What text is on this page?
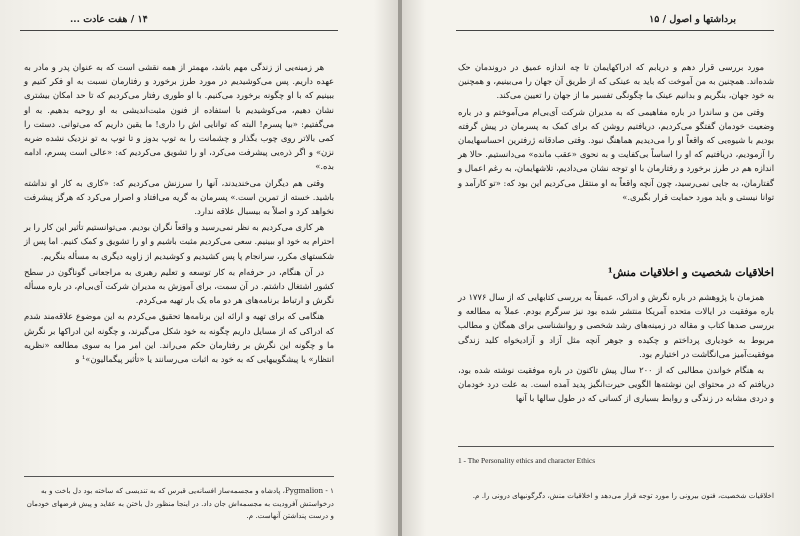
۱۴ / هفت عادت ...

هر زمینه‌یی از زندگی مهم باشد، مهمتر از همه نقشی است که به عنوان پدر و مادر به عهده داریم. پس می‌کوشیدیم در مورد طرز برخورد و رفتارمان نسبت به او فکر کنیم و ببینیم که با او چگونه برخورد می‌کنیم. با او طوری رفتار می‌کردیم که تا حد امکان بیشتری نشان دهیم، می‌کوشیدیم با استفاده از فنون مثبت‌اندیشی به او روحیه بدهیم. به او می‌گفتیم: «بیا پسرم! البته که توانایی اش را داری! ما یقین داریم که می‌توانی. دستت را کمی بالاتر روی چوب بگذار و چشمانت را به توپ بدوز و تا توپ به تو نزدیک نشده ضربه نزن» و اگر ذره‌یی پیشرفت می‌کرد، او را تشویق می‌کردیم که: «عالی است پسرم، ادامه بده.»

وقتی هم دیگران می‌خندیدند، آنها را سرزنش می‌کردیم که: «کاری به کار او نداشته باشید. خسته از تمرین است.» پسرمان به گریه می‌افتاد و اصرار می‌کرد که هرگز پیشرفت نخواهد کرد و اصلاً به بیسبال علاقه ندارد.

هر کاری می‌کردیم به نظر نمی‌رسید و واقعاً نگران بودیم. می‌توانستیم تأثیر این کار را بر احترام به خود او ببینیم. سعی می‌کردیم مثبت باشیم و او را تشویق و کمک کنیم. اما پس از شکستهای مکرر، سرانجام پا پس کشیدیم و کوشیدیم از زاویه دیگری به مسأله بنگریم.

در آن هنگام، در حرفه‌ام به کار توسعه و تعلیم رهبری به مراجعانی گوناگون در سطح کشور اشتغال داشتم. در آن سمت، برای آموزش به مدیران شرکت آی‌بی‌ام، در باره مسأله نگرش و ارتباط برنامه‌های هر دو ماه یک بار تهیه می‌کردم.

هنگامی که برای تهیه و ارائه این برنامه‌ها تحقیق می‌کردم به این موضوع علاقه‌مند شدم که ادراکی که از مسایل داریم چگونه به خود شکل می‌گیرند، و چگونه این ادراکها بر نگرش ما و چگونه این نگرش بر رفتارمان حکم می‌راند. این امر مرا به سوی مطالعه «نظریه انتظار» یا پیشگوییهایی که به خود به اثبات می‌رسانند یا «تأثیر پیگمالیون»¹ و

۱ - Pygmalion، پادشاه و مجسمه‌ساز افسانه‌یی قبرس که به تندیسی که ساخته بود دل باخت و به درخواستش آفرودیت به مجسمه‌اش جان داد. در اینجا منظور دل باختن به عقاید و پیش فرضهای خودمان و درست پنداشتن آنهاست. م.
برداشتها و اصول / ۱۵

مورد بررسی قرار دهم و دریابم که ادراکهایمان تا چه اندازه عمیق در دروندمان حک شده‌اند. همچنین به من آموخت که باید به عینکی که از طریق آن جهان را می‌بینیم، و همچنین به خود جهان، بنگریم و بدانیم عینک ما چگونگی تفسیر ما از جهان را تعیین می‌کند.

وقتی من و ساندرا در باره مفاهیمی که به مدیران شرکت آی‌بی‌ام می‌آموختم و در باره وضعیت خودمان گفتگو می‌کردیم، دریافتیم روشن که برای کمک به پسرمان در پیش گرفته بودیم با شیوه‌یی که واقعاً او را می‌دیدیم هماهنگ نبود. وقتی صادقانه ژرفترین احساسهایمان را آزمودیم، دریافتیم که او را اساساً بی‌کفایت و به نحوی «عقب مانده» می‌دانستیم. حالا هر اندازه هم در طرز برخورد و رفتارمان با او توجه نشان می‌دادیم، تلاشهایمان، به رغم اعمال و گفتارمان، به جایی نمی‌رسید، چون آنچه واقعاً به او منتقل می‌کردیم این بود که: «تو کارآمد و توانا نیستی و باید مورد حمایت قرار بگیری.»

اخلاقیات شخصیت و اخلاقیات منش¹

همزمان با پژوهشم در باره نگرش و ادراک، عمیقاً به بررسی کتابهایی که از سال ۱۷۷۶ در باره موفقیت در ایالات متحده آمریکا منتشر شده بود نیز سرگرم بودم. عملاً به مطالعه و بررسی صدها کتاب و مقاله در زمینه‌های رشد شخصی و روانشناسی برای همگان و مطالب مربوط به خودیاری پرداختم و چکیده و جوهر آنچه مثل آزاد و آزادیخواه کلید زندگی موفقیت‌آمیز می‌انگاشت در اختیارم بود.

به هنگام خواندن مطالبی که از ۲۰۰ سال پیش تاکنون در باره موفقیت نوشته شده بود، دریافتم که در محتوای این نوشته‌ها الگویی حیرت‌انگیز پدید آمده است. به علت درد خودمان و دردی مشابه در زندگی و روابط بسیاری از کسانی که در طول سالها با آنها

1 - The Personality ethics and character Ethics
اخلاقیات شخصیت، فنون بیرونی را مورد توجه قرار می‌دهد و اخلاقیات منش، دگرگونیهای درونی را. م.
